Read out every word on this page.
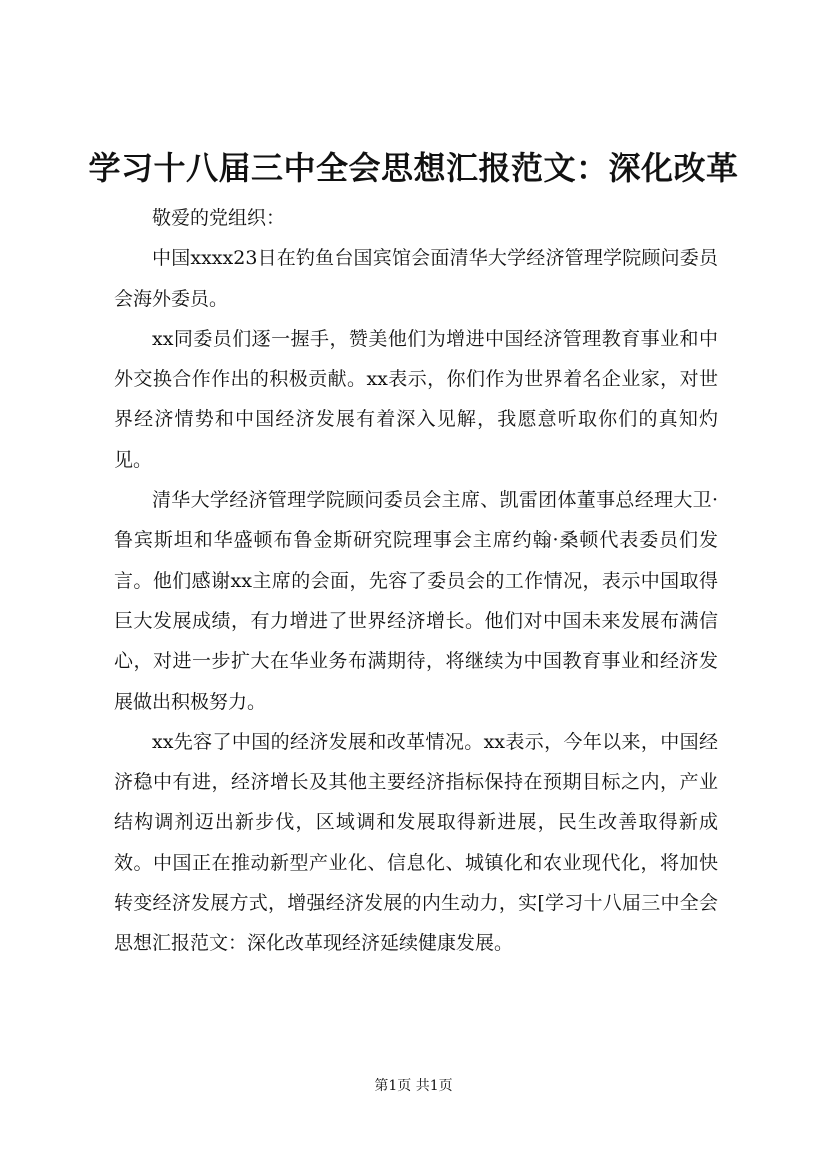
学习十八届三中全会思想汇报范文：深化改革

敬爱的党组织：

中国xxxx23日在钓鱼台国宾馆会面清华大学经济管理学院顾问委员会海外委员。

xx同委员们逐一握手，赞美他们为增进中国经济管理教育事业和中外交换合作作出的积极贡献。xx表示，你们作为世界着名企业家，对世界经济情势和中国经济发展有着深入见解，我愿意听取你们的真知灼见。

清华大学经济管理学院顾问委员会主席、凯雷团体董事总经理大卫·鲁宾斯坦和华盛顿布鲁金斯研究院理事会主席约翰·桑顿代表委员们发言。他们感谢xx主席的会面，先容了委员会的工作情况，表示中国取得巨大发展成绩，有力增进了世界经济增长。他们对中国未来发展布满信心，对进一步扩大在华业务布满期待，将继续为中国教育事业和经济发展做出积极努力。

xx先容了中国的经济发展和改革情况。xx表示，今年以来，中国经济稳中有进，经济增长及其他主要经济指标保持在预期目标之内，产业结构调剂迈出新步伐，区域调和发展取得新进展，民生改善取得新成效。中国正在推动新型产业化、信息化、城镇化和农业现代化，将加快转变经济发展方式，增强经济发展的内生动力，实[学习十八届三中全会思想汇报范文：深化改革现经济延续健康发展。

第1页 共1页
